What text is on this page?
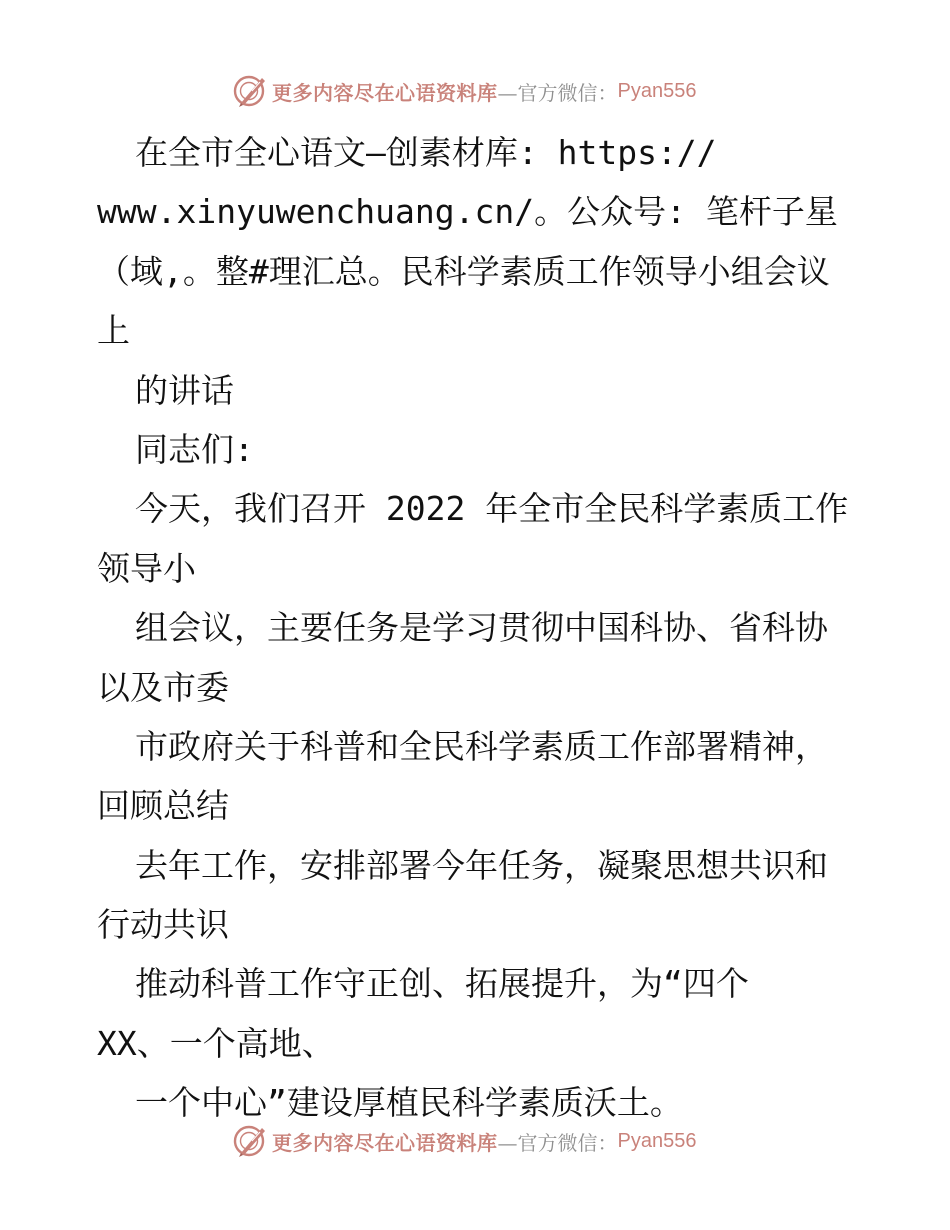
更多内容尽在心语资料库 —官方微信： Pyan556
在全市全心语文—创素材库: https://
www.xinyuwenchuang.cn/。公众号: 笔杆子星
（域,。整#理汇总。民科学素质工作领导小组会议
上
的讲话
同志们:
今天，我们召开 2022 年全市全民科学素质工作
领导小
组会议，主要任务是学习贯彻中国科协、省科协
以及市委
市政府关于科普和全民科学素质工作部署精神，
回顾总结
去年工作，安排部署今年任务，凝聚思想共识和
行动共识
推动科普工作守正创、拓展提升，为“四个
XX、一个高地、
一个中心”建设厚植民科学素质沃土。
更多内容尽在心语资料库 —官方微信： Pyan556
